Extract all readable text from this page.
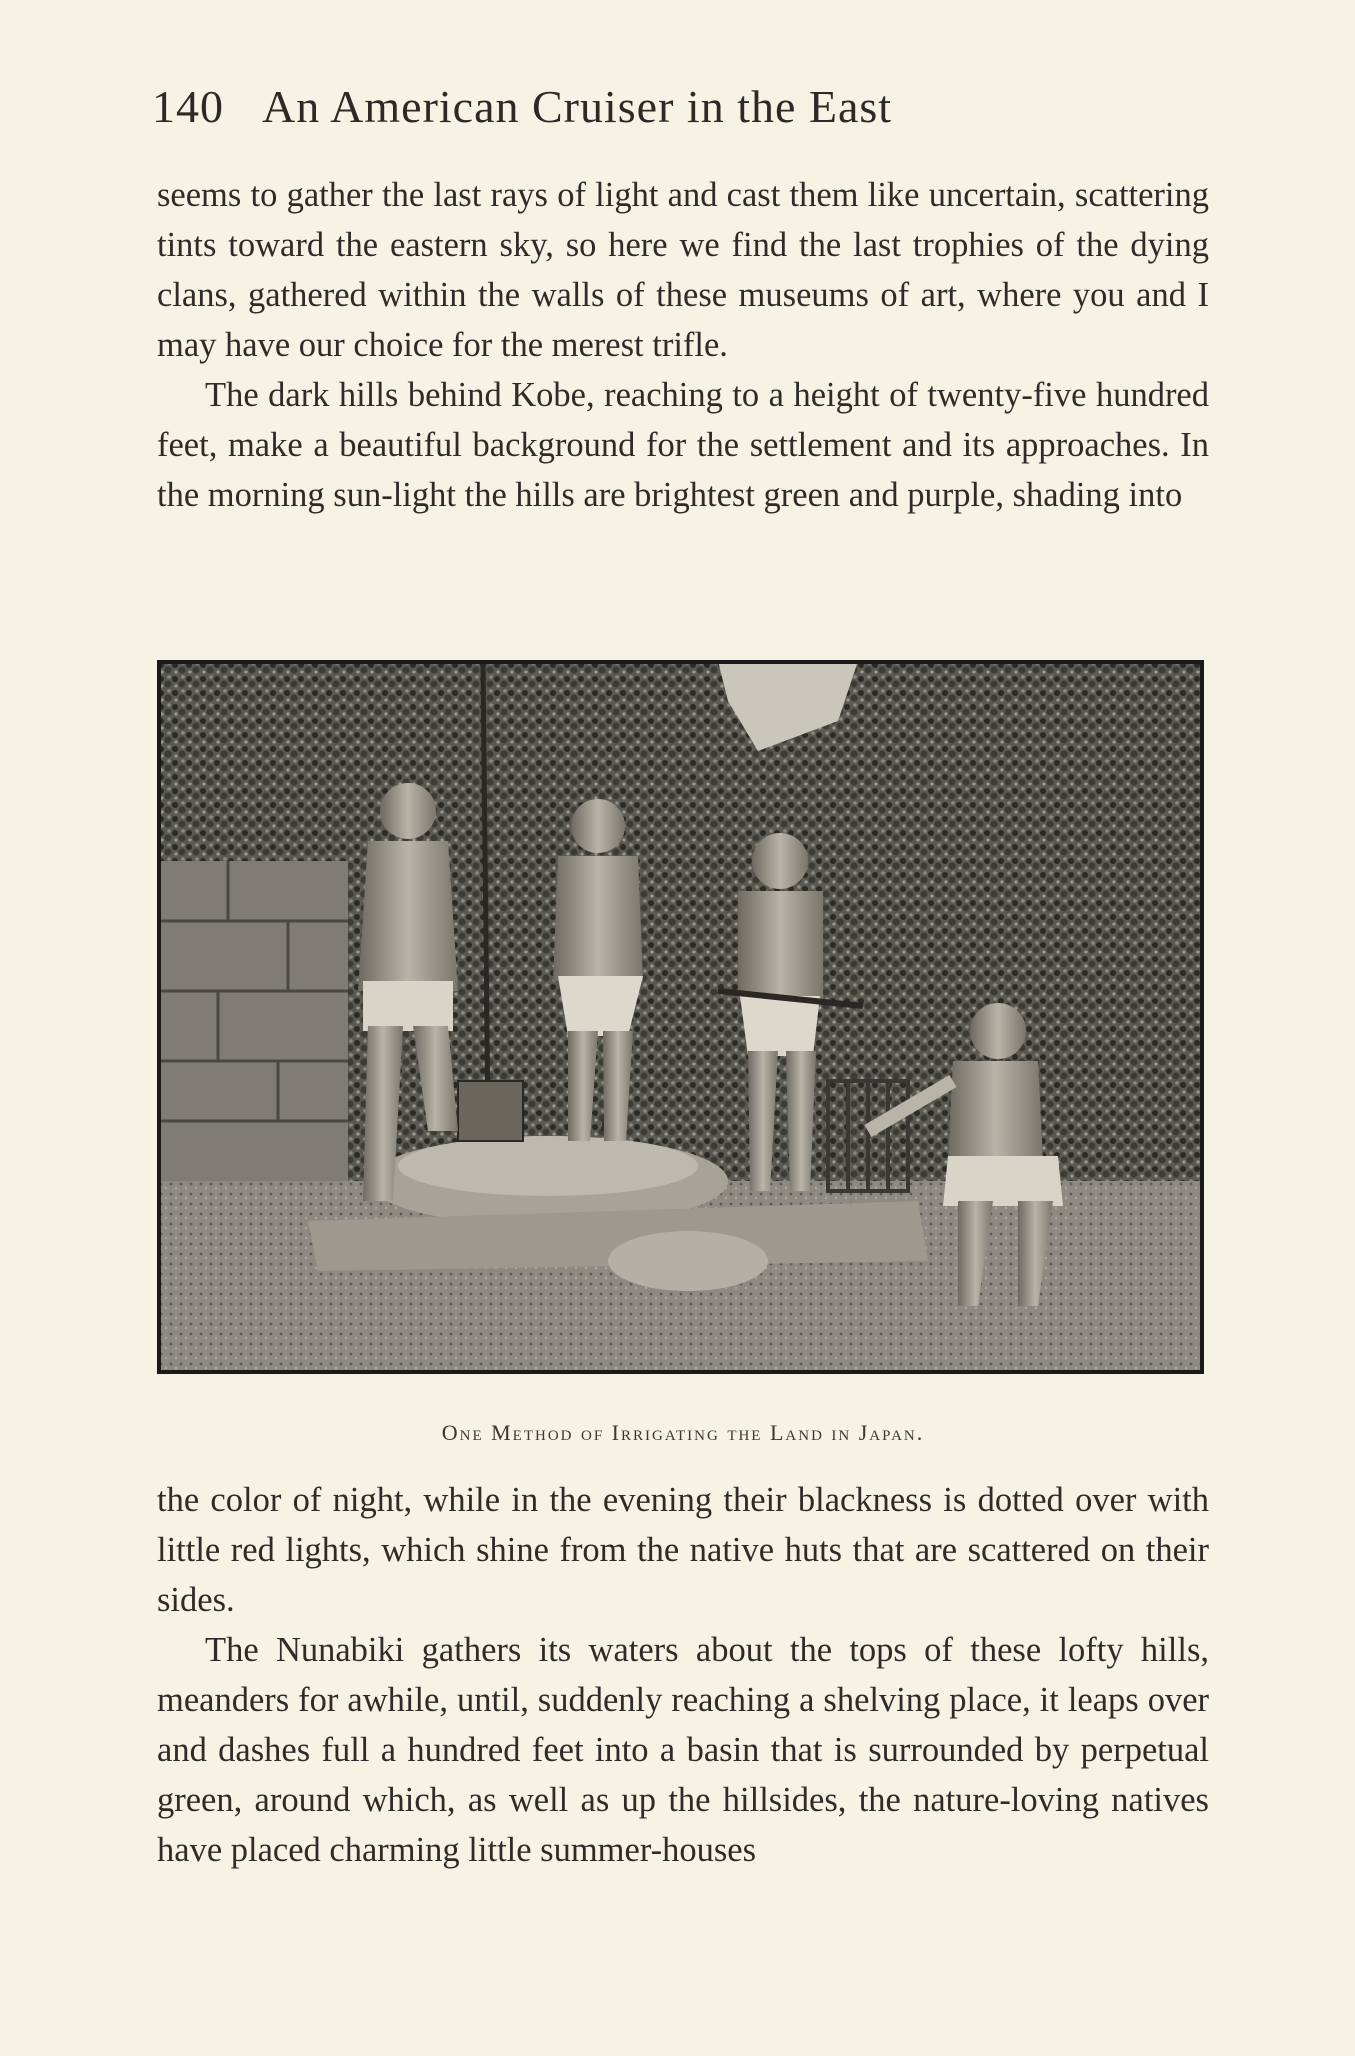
140 An American Cruiser in the East

seems to gather the last rays of light and cast them like uncertain, scattering tints toward the eastern sky, so here we find the last trophies of the dying clans, gathered within the walls of these museums of art, where you and I may have our choice for the merest trifle.

The dark hills behind Kobe, reaching to a height of twenty-five hundred feet, make a beautiful background for the settlement and its approaches. In the morning sun-light the hills are brightest green and purple, shading into

One Method of Irrigating the Land in Japan.

the color of night, while in the evening their blackness is dotted over with little red lights, which shine from the native huts that are scattered on their sides.

The Nunabiki gathers its waters about the tops of these lofty hills, meanders for awhile, until, suddenly reaching a shelving place, it leaps over and dashes full a hundred feet into a basin that is surrounded by perpetual green, around which, as well as up the hillsides, the nature-loving natives have placed charming little summer-houses
